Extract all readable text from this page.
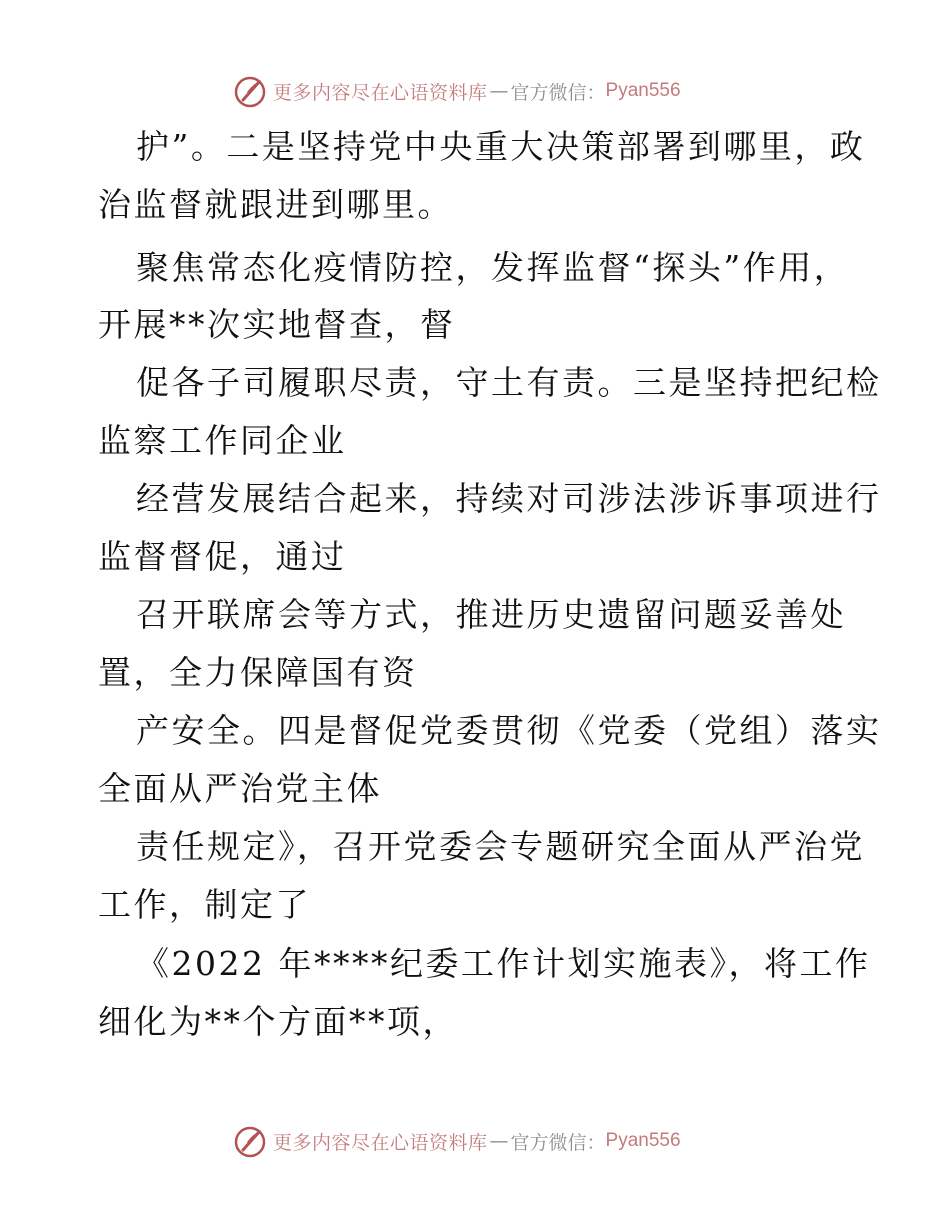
更多内容尽在心语资料库 — 官方微信： Pyan556
护”。二是坚持党中央重大决策部署到哪里，政
治监督就跟进到哪里。
聚焦常态化疫情防控，发挥监督“探头”作用，
开展**次实地督查，督
促各子司履职尽责，守土有责。三是坚持把纪检
监察工作同企业
经营发展结合起来，持续对司涉法涉诉事项进行
监督督促，通过
召开联席会等方式，推进历史遗留问题妥善处
置，全力保障国有资
产安全。四是督促党委贯彻《党委（党组）落实
全面从严治党主体
责任规定》，召开党委会专题研究全面从严治党
工作，制定了
《2022 年****纪委工作计划实施表》，将工作
细化为**个方面**项，
更多内容尽在心语资料库 — 官方微信： Pyan556
